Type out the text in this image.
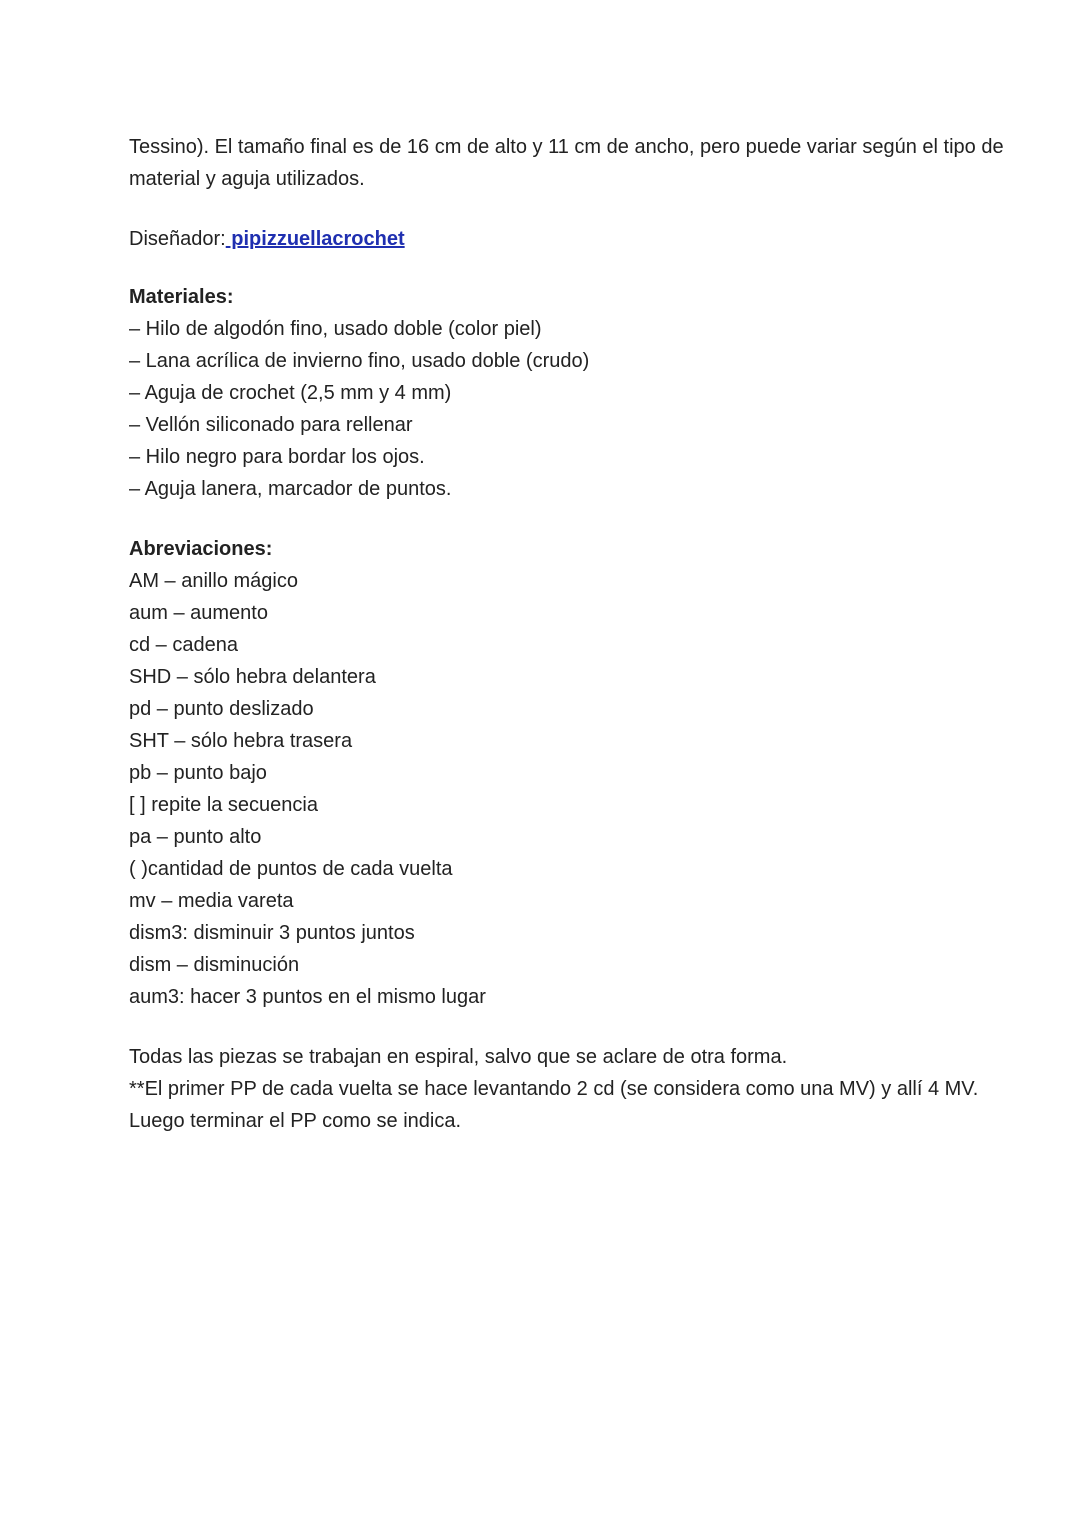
Tessino). El tamaño final es de 16 cm de alto y 11 cm de ancho, pero puede variar según el tipo de
material y aguja utilizados.
Diseñador: pipizzuellacrochet
Materiales:
– Hilo de algodón fino, usado doble (color piel)
– Lana acrílica de invierno fino, usado doble (crudo)
– Aguja de crochet (2,5 mm y 4 mm)
– Vellón siliconado para rellenar
– Hilo negro para bordar los ojos.
– Aguja lanera, marcador de puntos.
Abreviaciones:
AM – anillo mágico
aum – aumento
cd – cadena
SHD – sólo hebra delantera
pd – punto deslizado
SHT – sólo hebra trasera
pb – punto bajo
[ ] repite la secuencia
pa – punto alto
( )cantidad de puntos de cada vuelta
mv – media vareta
dism3: disminuir 3 puntos juntos
dism – disminución
aum3: hacer 3 puntos en el mismo lugar
Todas las piezas se trabajan en espiral, salvo que se aclare de otra forma.
**El primer PP de cada vuelta se hace levantando 2 cd (se considera como una MV) y allí 4 MV.
Luego terminar el PP como se indica.
